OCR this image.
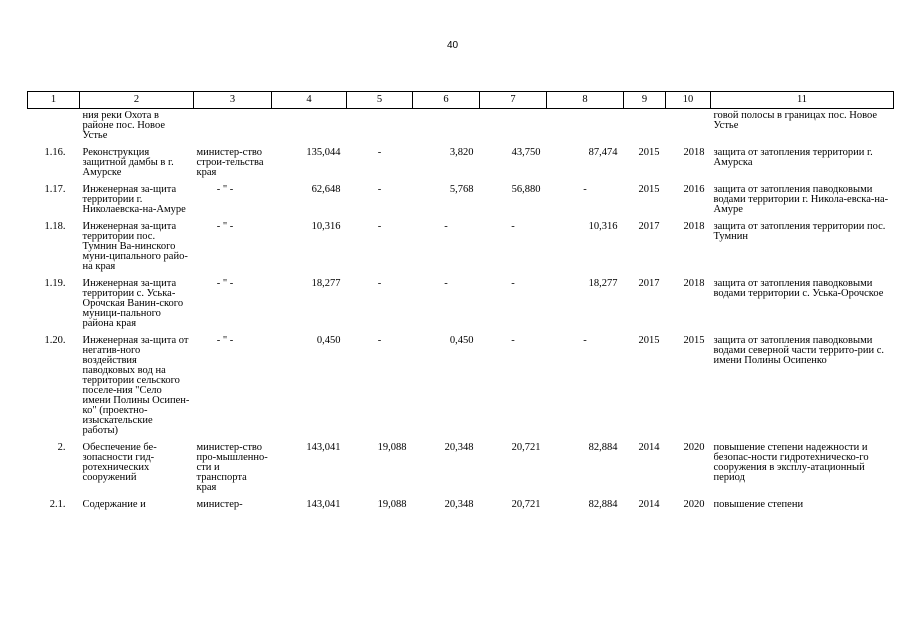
40
1	2	3	4	5	6	7	8	9	10	11
	ния реки Охота в районе пос. Новое Устье									говой полосы в границах пос. Новое Устье
1.16.	Реконструкция защитной дамбы в г. Амурске	министер-ство строи-тельства края	135,044	-	3,820	43,750	87,474	2015	2018	защита от затопления территории г. Амурска
1.17.	Инженерная за-щита территории г. Николаевска-на-Амуре	- " -	62,648	-	5,768	56,880	-	2015	2016	защита от затопления паводковыми водами территории г. Никола-евска-на-Амуре
1.18.	Инженерная за-щита территории пос. Тумнин Ва-нинского муни-ципального райо-на края	- " -	10,316	-	-	-	10,316	2017	2018	защита от затопления территории пос. Тумнин
1.19.	Инженерная за-щита территории с. Уська-Орочская Ванин-ского муници-пального района края	- " -	18,277	-	-	-	18,277	2017	2018	защита от затопления паводковыми водами территории с. Уська-Орочское
1.20.	Инженерная за-щита от негатив-ного воздействия паводковых вод на территории сельского поселе-ния "Село имени Полины Осипен-ко" (проектно-изыскательские работы)	- " -	0,450	-	0,450	-	-	2015	2015	защита от затопления паводковыми водами северной части террито-рии с. имени Полины Осипенко
2.	Обеспечение бе-зопасности гид-ротехнических сооружений	министер-ство про-мышленно-сти и транспорта края	143,041	19,088	20,348	20,721	82,884	2014	2020	повышение степени надежности и безопас-ности гидротехническо-го сооружения в эксплу-атационный период

2.1.	Содержание и	министер-	143,041	19,088	20,348	20,721	82,884	2014	2020	повышение степени
